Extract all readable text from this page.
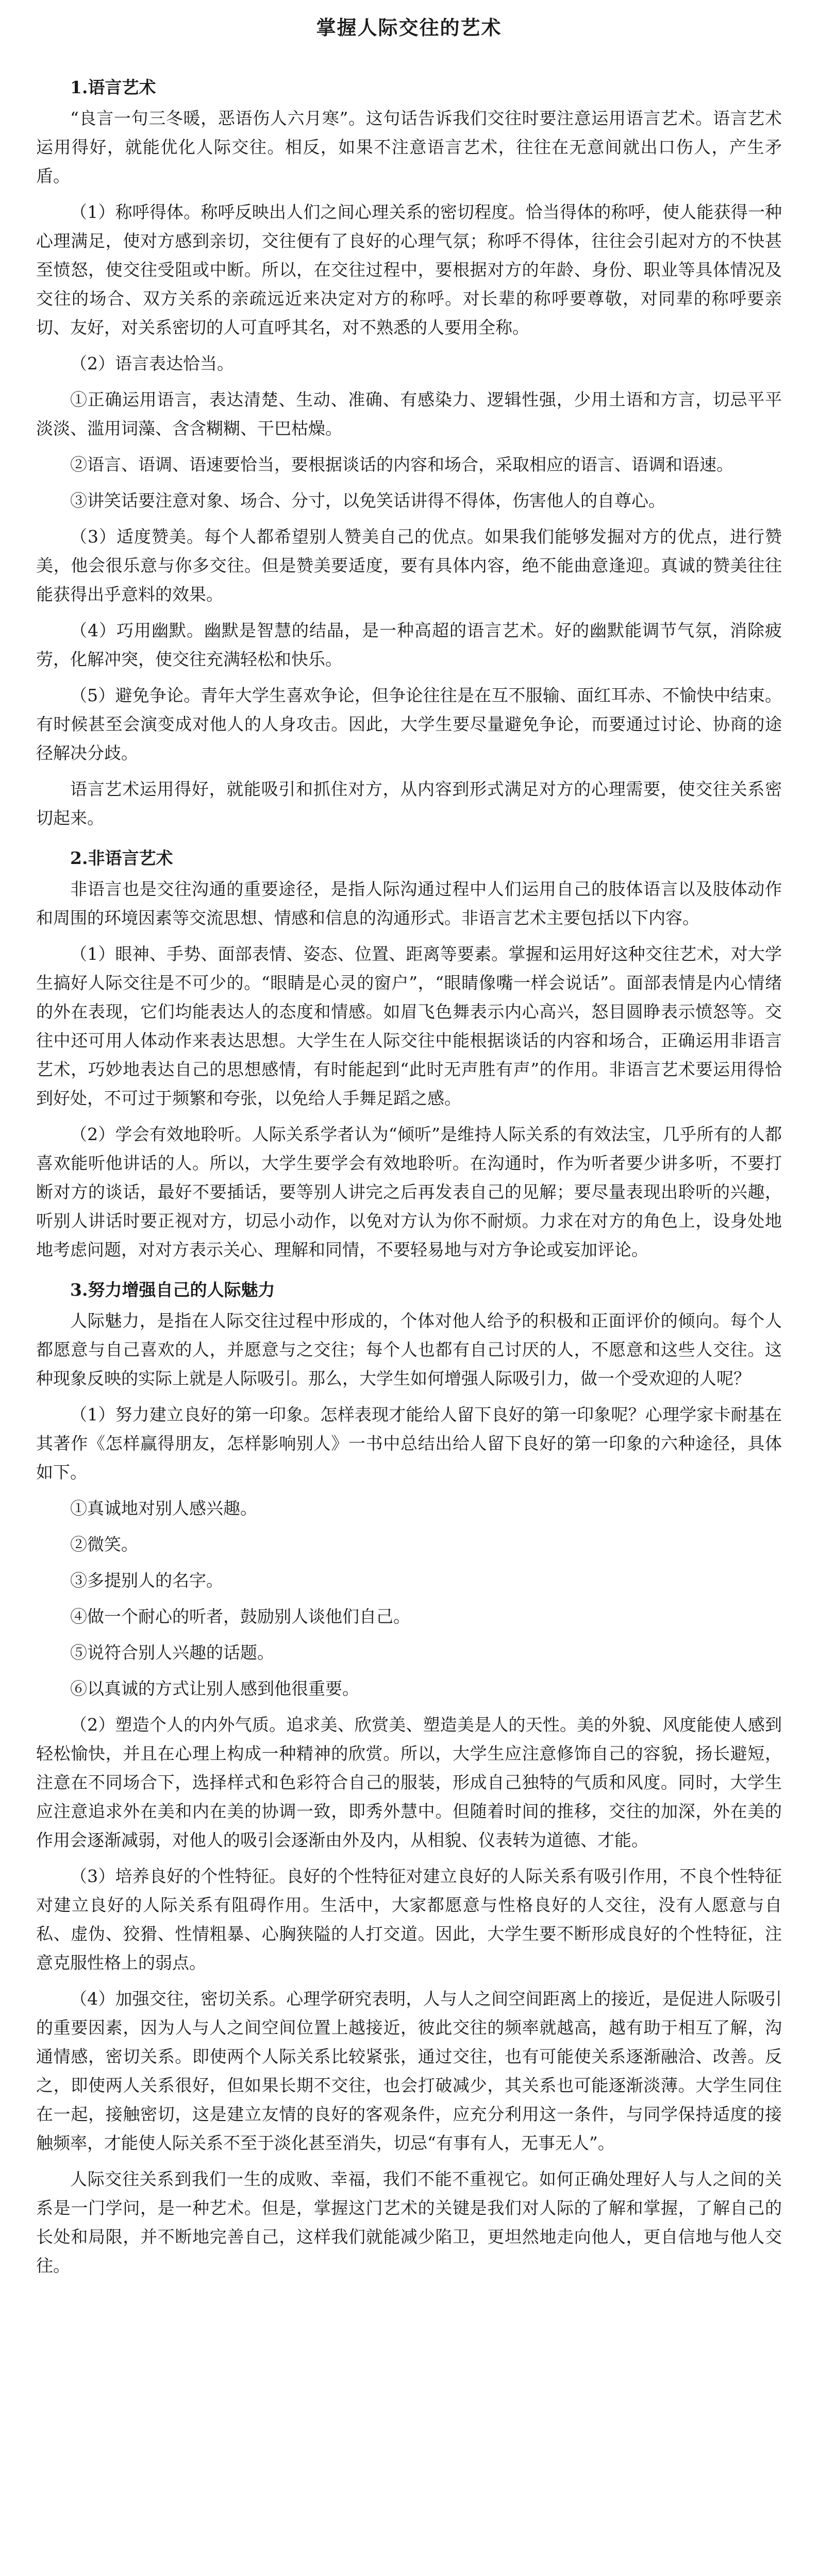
掌握人际交往的艺术
1.语言艺术

“良言一句三冬暖，恶语伤人六月寒”。这句话告诉我们交往时要注意运用语言艺术。语言艺术运用得好，就能优化人际交往。相反，如果不注意语言艺术，往往在无意间就出口伤人，产生矛盾。

（1）称呼得体。称呼反映出人们之间心理关系的密切程度。恰当得体的称呼，使人能获得一种心理满足，使对方感到亲切，交往便有了良好的心理气氛；称呼不得体，往往会引起对方的不快甚至愤怒，使交往受阻或中断。所以，在交往过程中，要根据对方的年龄、身份、职业等具体情况及交往的场合、双方关系的亲疏远近来决定对方的称呼。对长辈的称呼要尊敬，对同辈的称呼要亲切、友好，对关系密切的人可直呼其名，对不熟悉的人要用全称。

（2）语言表达恰当。

①正确运用语言，表达清楚、生动、准确、有感染力、逻辑性强，少用土语和方言，切忌平平淡淡、滥用词藻、含含糊糊、干巴枯燥。

②语言、语调、语速要恰当，要根据谈话的内容和场合，采取相应的语言、语调和语速。

③讲笑话要注意对象、场合、分寸，以免笑话讲得不得体，伤害他人的自尊心。

（3）适度赞美。每个人都希望别人赞美自己的优点。如果我们能够发掘对方的优点，进行赞美，他会很乐意与你多交往。但是赞美要适度，要有具体内容，绝不能曲意逢迎。真诚的赞美往往能获得出乎意料的效果。

（4）巧用幽默。幽默是智慧的结晶，是一种高超的语言艺术。好的幽默能调节气氛，消除疲劳，化解冲突，使交往充满轻松和快乐。

（5）避免争论。青年大学生喜欢争论，但争论往往是在互不服输、面红耳赤、不愉快中结束。有时候甚至会演变成对他人的人身攻击。因此，大学生要尽量避免争论，而要通过讨论、协商的途径解决分歧。

语言艺术运用得好，就能吸引和抓住对方，从内容到形式满足对方的心理需要，使交往关系密切起来。

2.非语言艺术

非语言也是交往沟通的重要途径，是指人际沟通过程中人们运用自己的肢体语言以及肢体动作和周围的环境因素等交流思想、情感和信息的沟通形式。非语言艺术主要包括以下内容。

（1）眼神、手势、面部表情、姿态、位置、距离等要素。掌握和运用好这种交往艺术，对大学生搞好人际交往是不可少的。“眼睛是心灵的窗户”，“眼睛像嘴一样会说话”。面部表情是内心情绪的外在表现，它们均能表达人的态度和情感。如眉飞色舞表示内心高兴，怒目圆睁表示愤怒等。交往中还可用人体动作来表达思想。大学生在人际交往中能根据谈话的内容和场合，正确运用非语言艺术，巧妙地表达自己的思想感情，有时能起到“此时无声胜有声”的作用。非语言艺术要运用得恰到好处，不可过于频繁和夸张，以免给人手舞足蹈之感。

（2）学会有效地聆听。人际关系学者认为“倾听”是维持人际关系的有效法宝，几乎所有的人都喜欢能听他讲话的人。所以，大学生要学会有效地聆听。在沟通时，作为听者要少讲多听，不要打断对方的谈话，最好不要插话，要等别人讲完之后再发表自己的见解；要尽量表现出聆听的兴趣，听别人讲话时要正视对方，切忌小动作，以免对方认为你不耐烦。力求在对方的角色上，设身处地地考虑问题，对对方表示关心、理解和同情，不要轻易地与对方争论或妄加评论。

3.努力增强自己的人际魅力

人际魅力，是指在人际交往过程中形成的，个体对他人给予的积极和正面评价的倾向。每个人都愿意与自己喜欢的人，并愿意与之交往；每个人也都有自己讨厌的人，不愿意和这些人交往。这种现象反映的实际上就是人际吸引。那么，大学生如何增强人际吸引力，做一个受欢迎的人呢？

（1）努力建立良好的第一印象。怎样表现才能给人留下良好的第一印象呢？心理学家卡耐基在其著作《怎样赢得朋友，怎样影响别人》一书中总结出给人留下良好的第一印象的六种途径，具体如下。

①真诚地对别人感兴趣。

②微笑。

③多提别人的名字。

④做一个耐心的听者，鼓励别人谈他们自己。

⑤说符合别人兴趣的话题。

⑥以真诚的方式让别人感到他很重要。

（2）塑造个人的内外气质。追求美、欣赏美、塑造美是人的天性。美的外貌、风度能使人感到轻松愉快，并且在心理上构成一种精神的欣赏。所以，大学生应注意修饰自己的容貌，扬长避短，注意在不同场合下，选择样式和色彩符合自己的服装，形成自己独特的气质和风度。同时，大学生应注意追求外在美和内在美的协调一致，即秀外慧中。但随着时间的推移，交往的加深，外在美的作用会逐渐减弱，对他人的吸引会逐渐由外及内，从相貌、仪表转为道德、才能。

（3）培养良好的个性特征。良好的个性特征对建立良好的人际关系有吸引作用，不良个性特征对建立良好的人际关系有阻碍作用。生活中，大家都愿意与性格良好的人交往，没有人愿意与自私、虚伪、狡猾、性情粗暴、心胸狭隘的人打交道。因此，大学生要不断形成良好的个性特征，注意克服性格上的弱点。

（4）加强交往，密切关系。心理学研究表明，人与人之间空间距离上的接近，是促进人际吸引的重要因素，因为人与人之间空间位置上越接近，彼此交往的频率就越高，越有助于相互了解，沟通情感，密切关系。即使两个人际关系比较紧张，通过交往，也有可能使关系逐渐融洽、改善。反之，即使两人关系很好，但如果长期不交往，也会打破减少，其关系也可能逐渐淡薄。大学生同住在一起，接触密切，这是建立友情的良好的客观条件，应充分利用这一条件，与同学保持适度的接触频率，才能使人际关系不至于淡化甚至消失，切忌“有事有人，无事无人”。

人际交往关系到我们一生的成败、幸福，我们不能不重视它。如何正确处理好人与人之间的关系是一门学问，是一种艺术。但是，掌握这门艺术的关键是我们对人际的了解和掌握，了解自己的长处和局限，并不断地完善自己，这样我们就能减少陷卫，更坦然地走向他人，更自信地与他人交往。
